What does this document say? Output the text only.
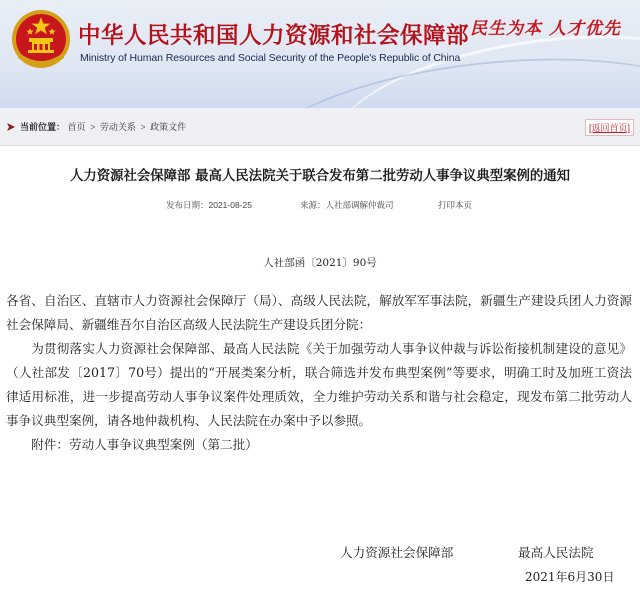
中华人民共和国人力资源和社会保障部
Ministry of Human Resources and Social Security of the People's Republic of China
民生为本 人才优先
当前位置： 首页 > 劳动关系 > 政策文件	[返回首页]
人力资源社会保障部 最高人民法院关于联合发布第二批劳动人事争议典型案例的通知
发布日期：2021-08-25	来源：人社部调解仲裁司	打印本页
人社部函〔2021〕90号

各省、自治区、直辖市人力资源社会保障厅（局）、高级人民法院，解放军军事法院，新疆生产建设兵团人力资源社会保障局、新疆维吾尔自治区高级人民法院生产建设兵团分院：

为贯彻落实人力资源社会保障部、最高人民法院《关于加强劳动人事争议仲裁与诉讼衔接机制建设的意见》（人社部发〔2017〕70号）提出的“开展类案分析，联合筛选并发布典型案例”等要求，明确工时及加班工资法律适用标准，进一步提高劳动人事争议案件处理质效，全力维护劳动关系和谐与社会稳定，现发布第二批劳动人事争议典型案例，请各地仲裁机构、人民法院在办案中予以参照。

附件：劳动人事争议典型案例（第二批）

人力资源社会保障部	最高人民法院
2021年6月30日
